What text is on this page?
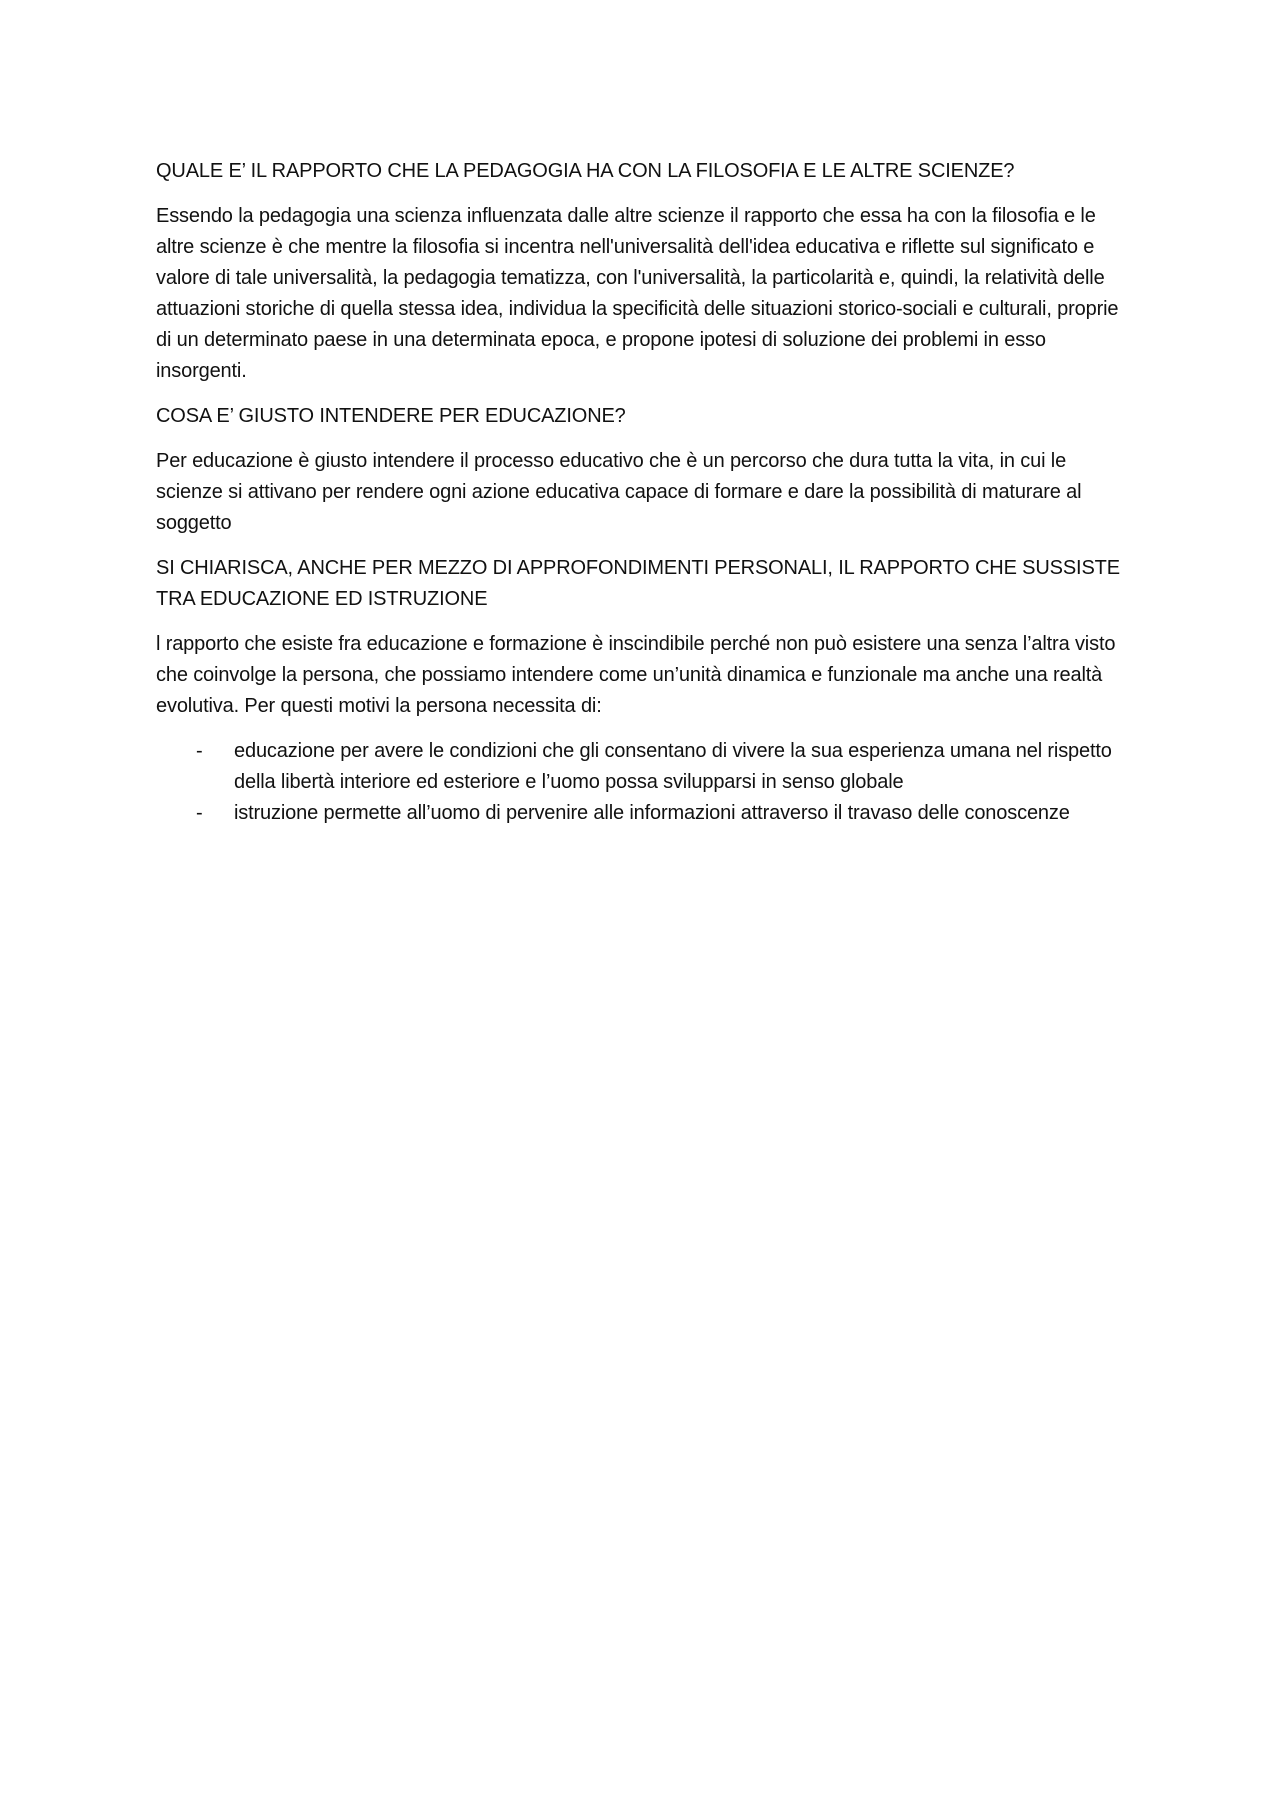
QUALE E’ IL RAPPORTO CHE LA PEDAGOGIA HA CON LA FILOSOFIA E LE ALTRE SCIENZE?

Essendo la pedagogia una scienza influenzata dalle altre scienze il rapporto che essa ha con la filosofia e le altre scienze è che mentre la filosofia si incentra nell'universalità dell'idea educativa e riflette sul significato e valore di tale universalità, la pedagogia tematizza, con l'universalità, la particolarità e, quindi, la relatività delle attuazioni storiche di quella stessa idea, individua la specificità delle situazioni storico-sociali e culturali, proprie di un determinato paese in una determinata epoca, e propone ipotesi di soluzione dei problemi in esso insorgenti.

COSA E’ GIUSTO INTENDERE PER EDUCAZIONE?

Per educazione è giusto intendere il processo educativo che è un percorso che dura tutta la vita, in cui le scienze si attivano per rendere ogni azione educativa capace di formare e dare la possibilità di maturare al soggetto

SI CHIARISCA, ANCHE PER MEZZO DI APPROFONDIMENTI PERSONALI, IL RAPPORTO CHE SUSSISTE TRA EDUCAZIONE ED ISTRUZIONE

l rapporto che esiste fra educazione e formazione è inscindibile perché non può esistere una senza l’altra visto che coinvolge la persona, che possiamo intendere come un’unità dinamica e funzionale ma anche una realtà evolutiva. Per questi motivi la persona necessita di:

- educazione per avere le condizioni che gli consentano di vivere la sua esperienza umana nel rispetto della libertà interiore ed esteriore e l’uomo possa svilupparsi in senso globale
- istruzione permette all’uomo di pervenire alle informazioni attraverso il travaso delle conoscenze
